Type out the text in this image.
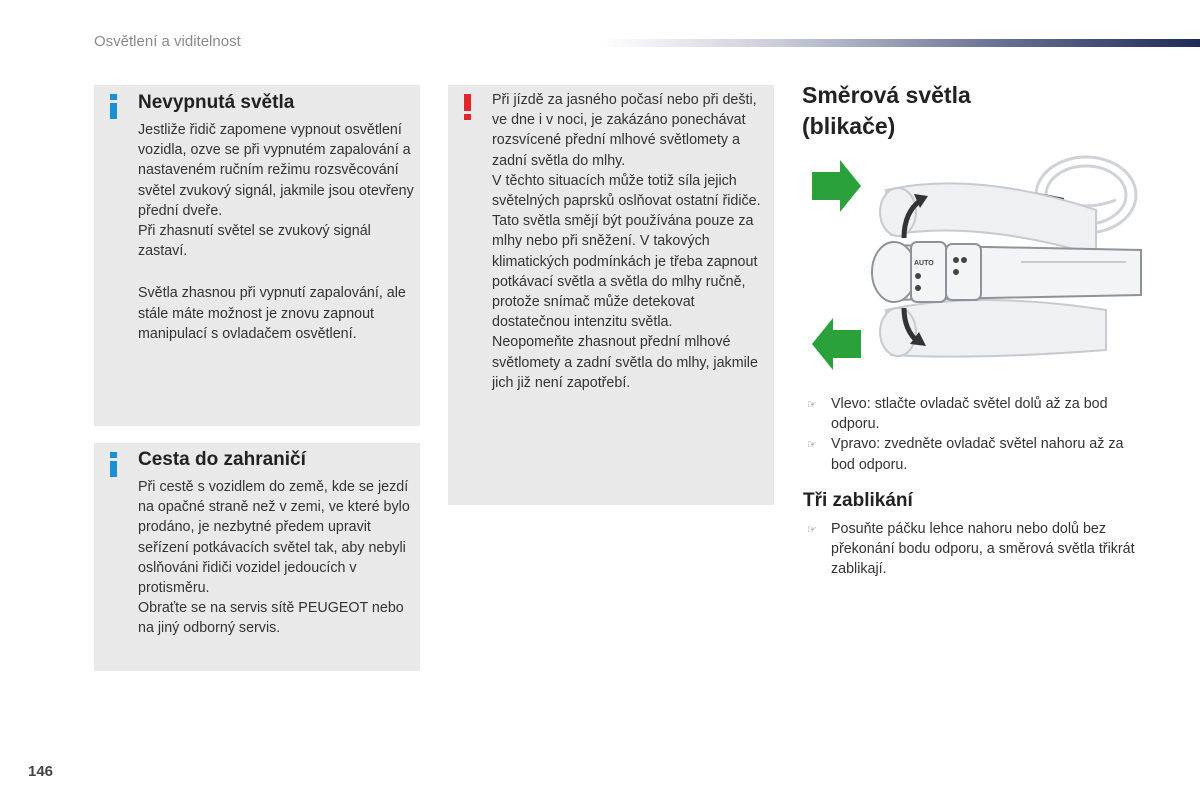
Osvětlení a viditelnost
Nevypnutá světla

Jestliže řidič zapomene vypnout osvětlení vozidla, ozve se při vypnutém zapalování a nastaveném ručním režimu rozsvěcování světel zvukový signál, jakmile jsou otevřeny přední dveře.

Při zhasnutí světel se zvukový signál zastaví.

Světla zhasnou při vypnutí zapalování, ale stále máte možnost je znovu zapnout manipulací s ovladačem osvětlení.

Cesta do zahraničí

Při cestě s vozidlem do země, kde se jezdí na opačné straně než v zemi, ve které bylo prodáno, je nezbytné předem upravit seřízení potkávacích světel tak, aby nebyli oslňováni řidiči vozidel jedoucích v protisměru.

Obraťte se na servis sítě PEUGEOT nebo na jiný odborný servis.

Při jízdě za jasného počasí nebo při dešti, ve dne i v noci, je zakázáno ponechávat rozsvícené přední mlhové světlomety a zadní světla do mlhy.

V těchto situacích může totiž síla jejich světelných paprsků oslňovat ostatní řidiče.

Tato světla smějí být používána pouze za mlhy nebo při sněžení. V takových klimatických podmínkách je třeba zapnout potkávací světla a světla do mlhy ručně, protože snímač může detekovat dostatečnou intenzitu světla.

Neopomeňte zhasnout přední mlhové světlomety a zadní světla do mlhy, jakmile jich již není zapotřebí.

Směrová světla
(blikače)
AUTO
☞ Vlevo: stlačte ovladač světel dolů až za bod odporu.
☞ Vpravo: zvedněte ovladač světel nahoru až za bod odporu.
Tři zablikání
☞ Posuňte páčku lehce nahoru nebo dolů bez překonání bodu odporu, a směrová světla třikrát zablikají.
146
